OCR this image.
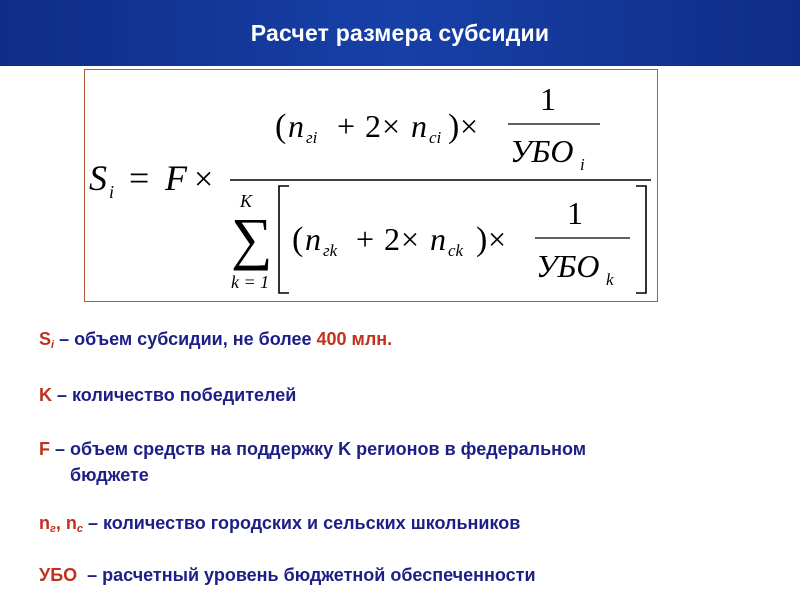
Расчет размера субсидии
S i = F ×
( n гi + 2 × n ci ) ×
1
УБО i
K
∑
k = 1
( n гk + 2 × n ck ) ×
1
УБО k
Si – объем субсидии, не более 400 млн.
K – количество победителей
F – объем средств на поддержку K регионов в федеральном
бюджете
nг, nc – количество городских и сельских школьников
УБО  – расчетный уровень бюджетной обеспеченности
